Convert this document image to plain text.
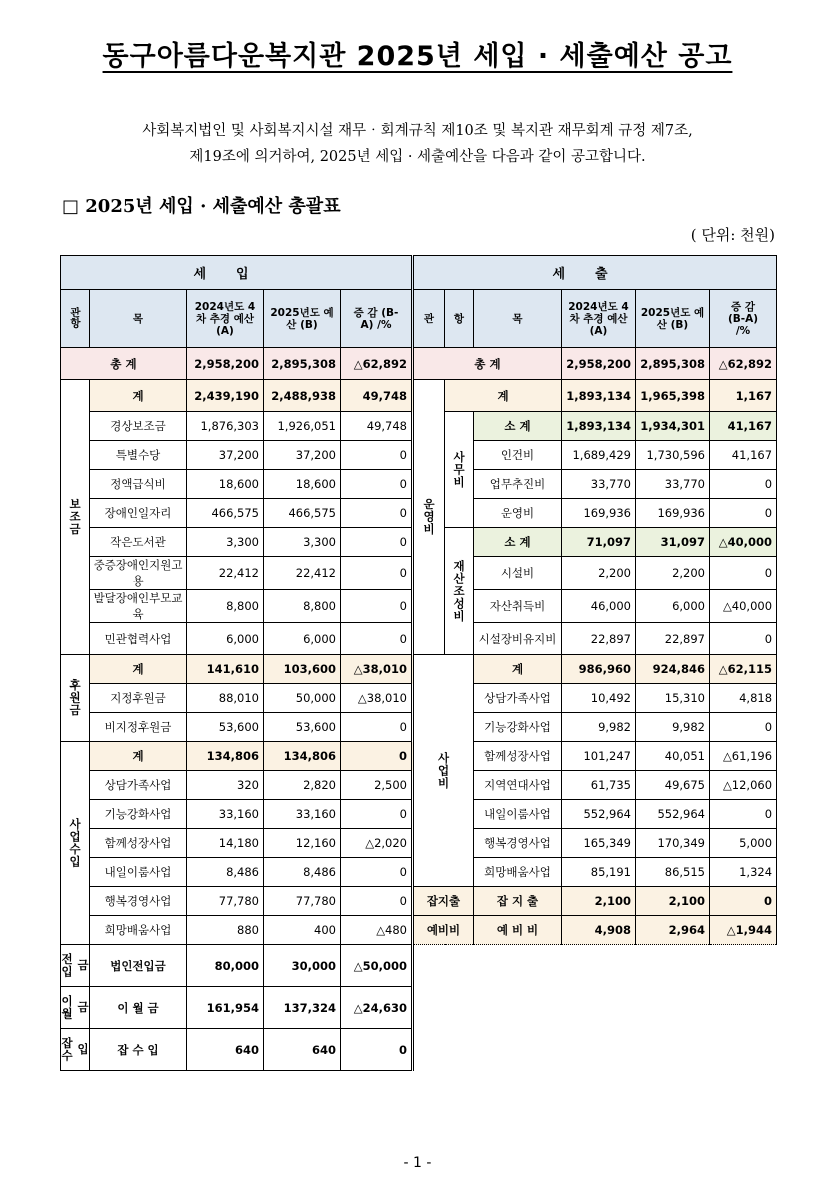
동구아름다운복지관 2025년 세입 · 세출예산 공고
사회복지법인 및 사회복지시설 재무‧회계규칙 제10조 및 복지관 재무회계 규정 제7조,
제19조에 의거하여, 2025년 세입 · 세출예산을 다음과 같이 공고합니다.
□ 2025년 세입 · 세출예산 총괄표
( 단위: 천원)
세입					세출					
관항	목	2024년도 4차 추경 예산(A)	2025년도 예산 (B)	증 감 (B-A) /%	관	항	목	2024년도 4차 추경 예산(A)	2025년도 예산 (B)	증 감 (B-A) /%
총 계		2,958,200	2,895,308	△62,892	총 계			2,958,200	2,895,308	△62,892
보조금	계	2,439,190	2,488,938	49,748	운영비	계		1,893,134	1,965,398	1,167
	경상보조금	1,876,303	1,926,051	49,748		사무비	소 계	1,893,134	1,934,301	41,167
	특별수당	37,200	37,200	0			인건비	1,689,429	1,730,596	41,167
	정액급식비	18,600	18,600	0			업무추진비	33,770	33,770	0
	장애인일자리	466,575	466,575	0			운영비	169,936	169,936	0
	작은도서관	3,300	3,300	0		재산조성비	소 계	71,097	31,097	△40,000
	중증장애인지원고용	22,412	22,412	0			시설비	2,200	2,200	0
	발달장애인부모교육	8,800	8,800	0			자산취득비	46,000	6,000	△40,000
	민관협력사업	6,000	6,000	0			시설장비유지비	22,897	22,897	0
후원금	계	141,610	103,600	△38,010	사업비		계	986,960	924,846	△62,115
	지정후원금	88,010	50,000	△38,010			상담가족사업	10,492	15,310	4,818
	비지정후원금	53,600	53,600	0			기능강화사업	9,982	9,982	0
사업수입	계	134,806	134,806	0			함께성장사업	101,247	40,051	△61,196
	상담가족사업	320	2,820	2,500			지역연대사업	61,735	49,675	△12,060
	기능강화사업	33,160	33,160	0			내일이룸사업	552,964	552,964	0
	함께성장사업	14,180	12,160	△2,020			행복경영사업	165,349	170,349	5,000
	내일이룸사업	8,486	8,486	0			희망배움사업	85,191	86,515	1,324
	행복경영사업	77,780	77,780	0	잡지출		잡 지 출	2,100	2,100	0
	희망배움사업	880	400	△480	예비비		예 비 비	4,908	2,964	△1,944
전입금	법인전입금	80,000	30,000	△50,000						
이월금	이 월 금	161,954	137,324	△24,630						
잡수입	잡 수 입	640	640	0						
- 1 -
